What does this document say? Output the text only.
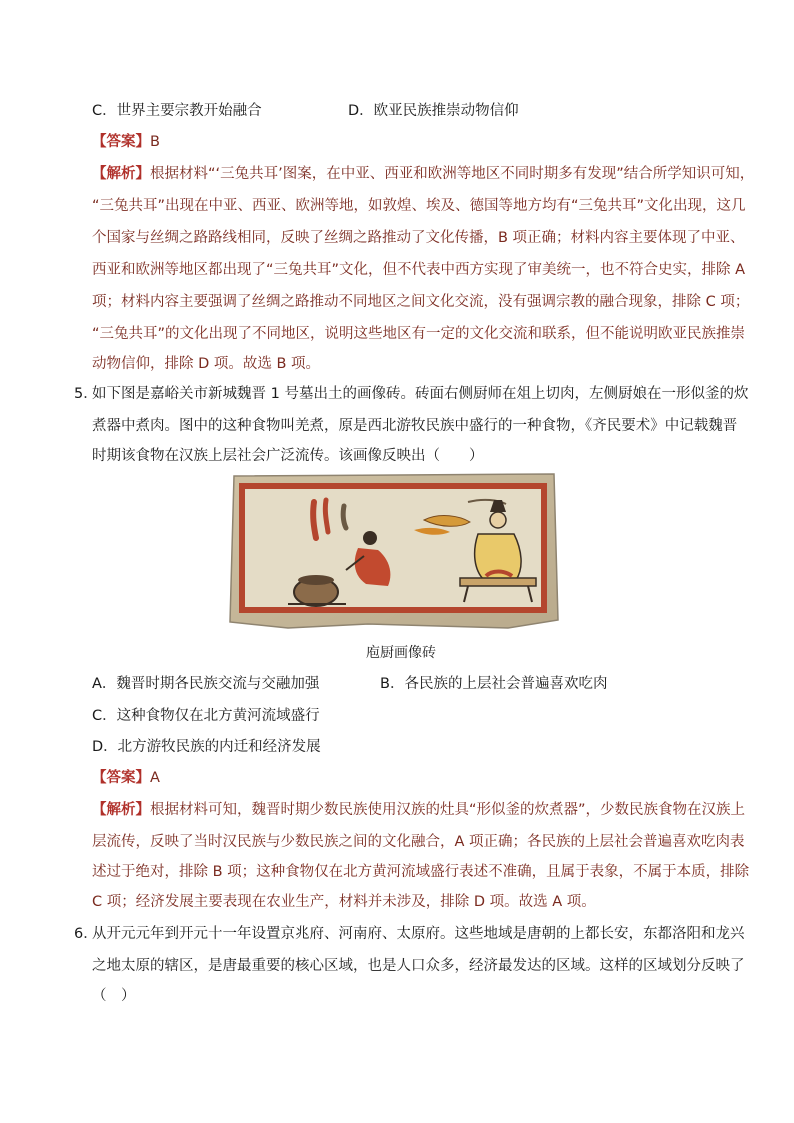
C．世界主要宗教开始融合	D．欧亚民族推崇动物信仰
【答案】B
【解析】根据材料“‘三兔共耳’图案，在中亚、西亚和欧洲等地区不同时期多有发现”结合所学知识可知，
“三兔共耳”出现在中亚、西亚、欧洲等地，如敦煌、埃及、德国等地方均有“三兔共耳”文化出现，这几
个国家与丝绸之路路线相同，反映了丝绸之路推动了文化传播，B 项正确；材料内容主要体现了中亚、
西亚和欧洲等地区都出现了“三兔共耳”文化，但不代表中西方实现了审美统一，也不符合史实，排除 A
项；材料内容主要强调了丝绸之路推动不同地区之间文化交流，没有强调宗教的融合现象，排除 C 项；
“三兔共耳”的文化出现了不同地区，说明这些地区有一定的文化交流和联系，但不能说明欧亚民族推崇
动物信仰，排除 D 项。故选 B 项。
5．
如下图是嘉峪关市新城魏晋 1 号墓出土的画像砖。砖面右侧厨师在俎上切肉，左侧厨娘在一形似釜的炊
煮器中煮肉。图中的这种食物叫羌煮，原是西北游牧民族中盛行的一种食物，《齐民要术》中记载魏晋
时期该食物在汉族上层社会广泛流传。该画像反映出（　　）
庖厨画像砖
A．魏晋时期各民族交流与交融加强	B．各民族的上层社会普遍喜欢吃肉
C．这种食物仅在北方黄河流域盛行
D．北方游牧民族的内迁和经济发展
【答案】A
【解析】根据材料可知，魏晋时期少数民族使用汉族的灶具“形似釜的炊煮器”，少数民族食物在汉族上
层流传，反映了当时汉民族与少数民族之间的文化融合，A 项正确；各民族的上层社会普遍喜欢吃肉表
述过于绝对，排除 B 项；这种食物仅在北方黄河流域盛行表述不准确，且属于表象，不属于本质，排除
C 项；经济发展主要表现在农业生产，材料并未涉及，排除 D 项。故选 A 项。
6．
从开元元年到开元十一年设置京兆府、河南府、太原府。这些地域是唐朝的上都长安，东都洛阳和龙兴
之地太原的辖区，是唐最重要的核心区域，也是人口众多，经济最发达的区域。这样的区域划分反映了
（　）
